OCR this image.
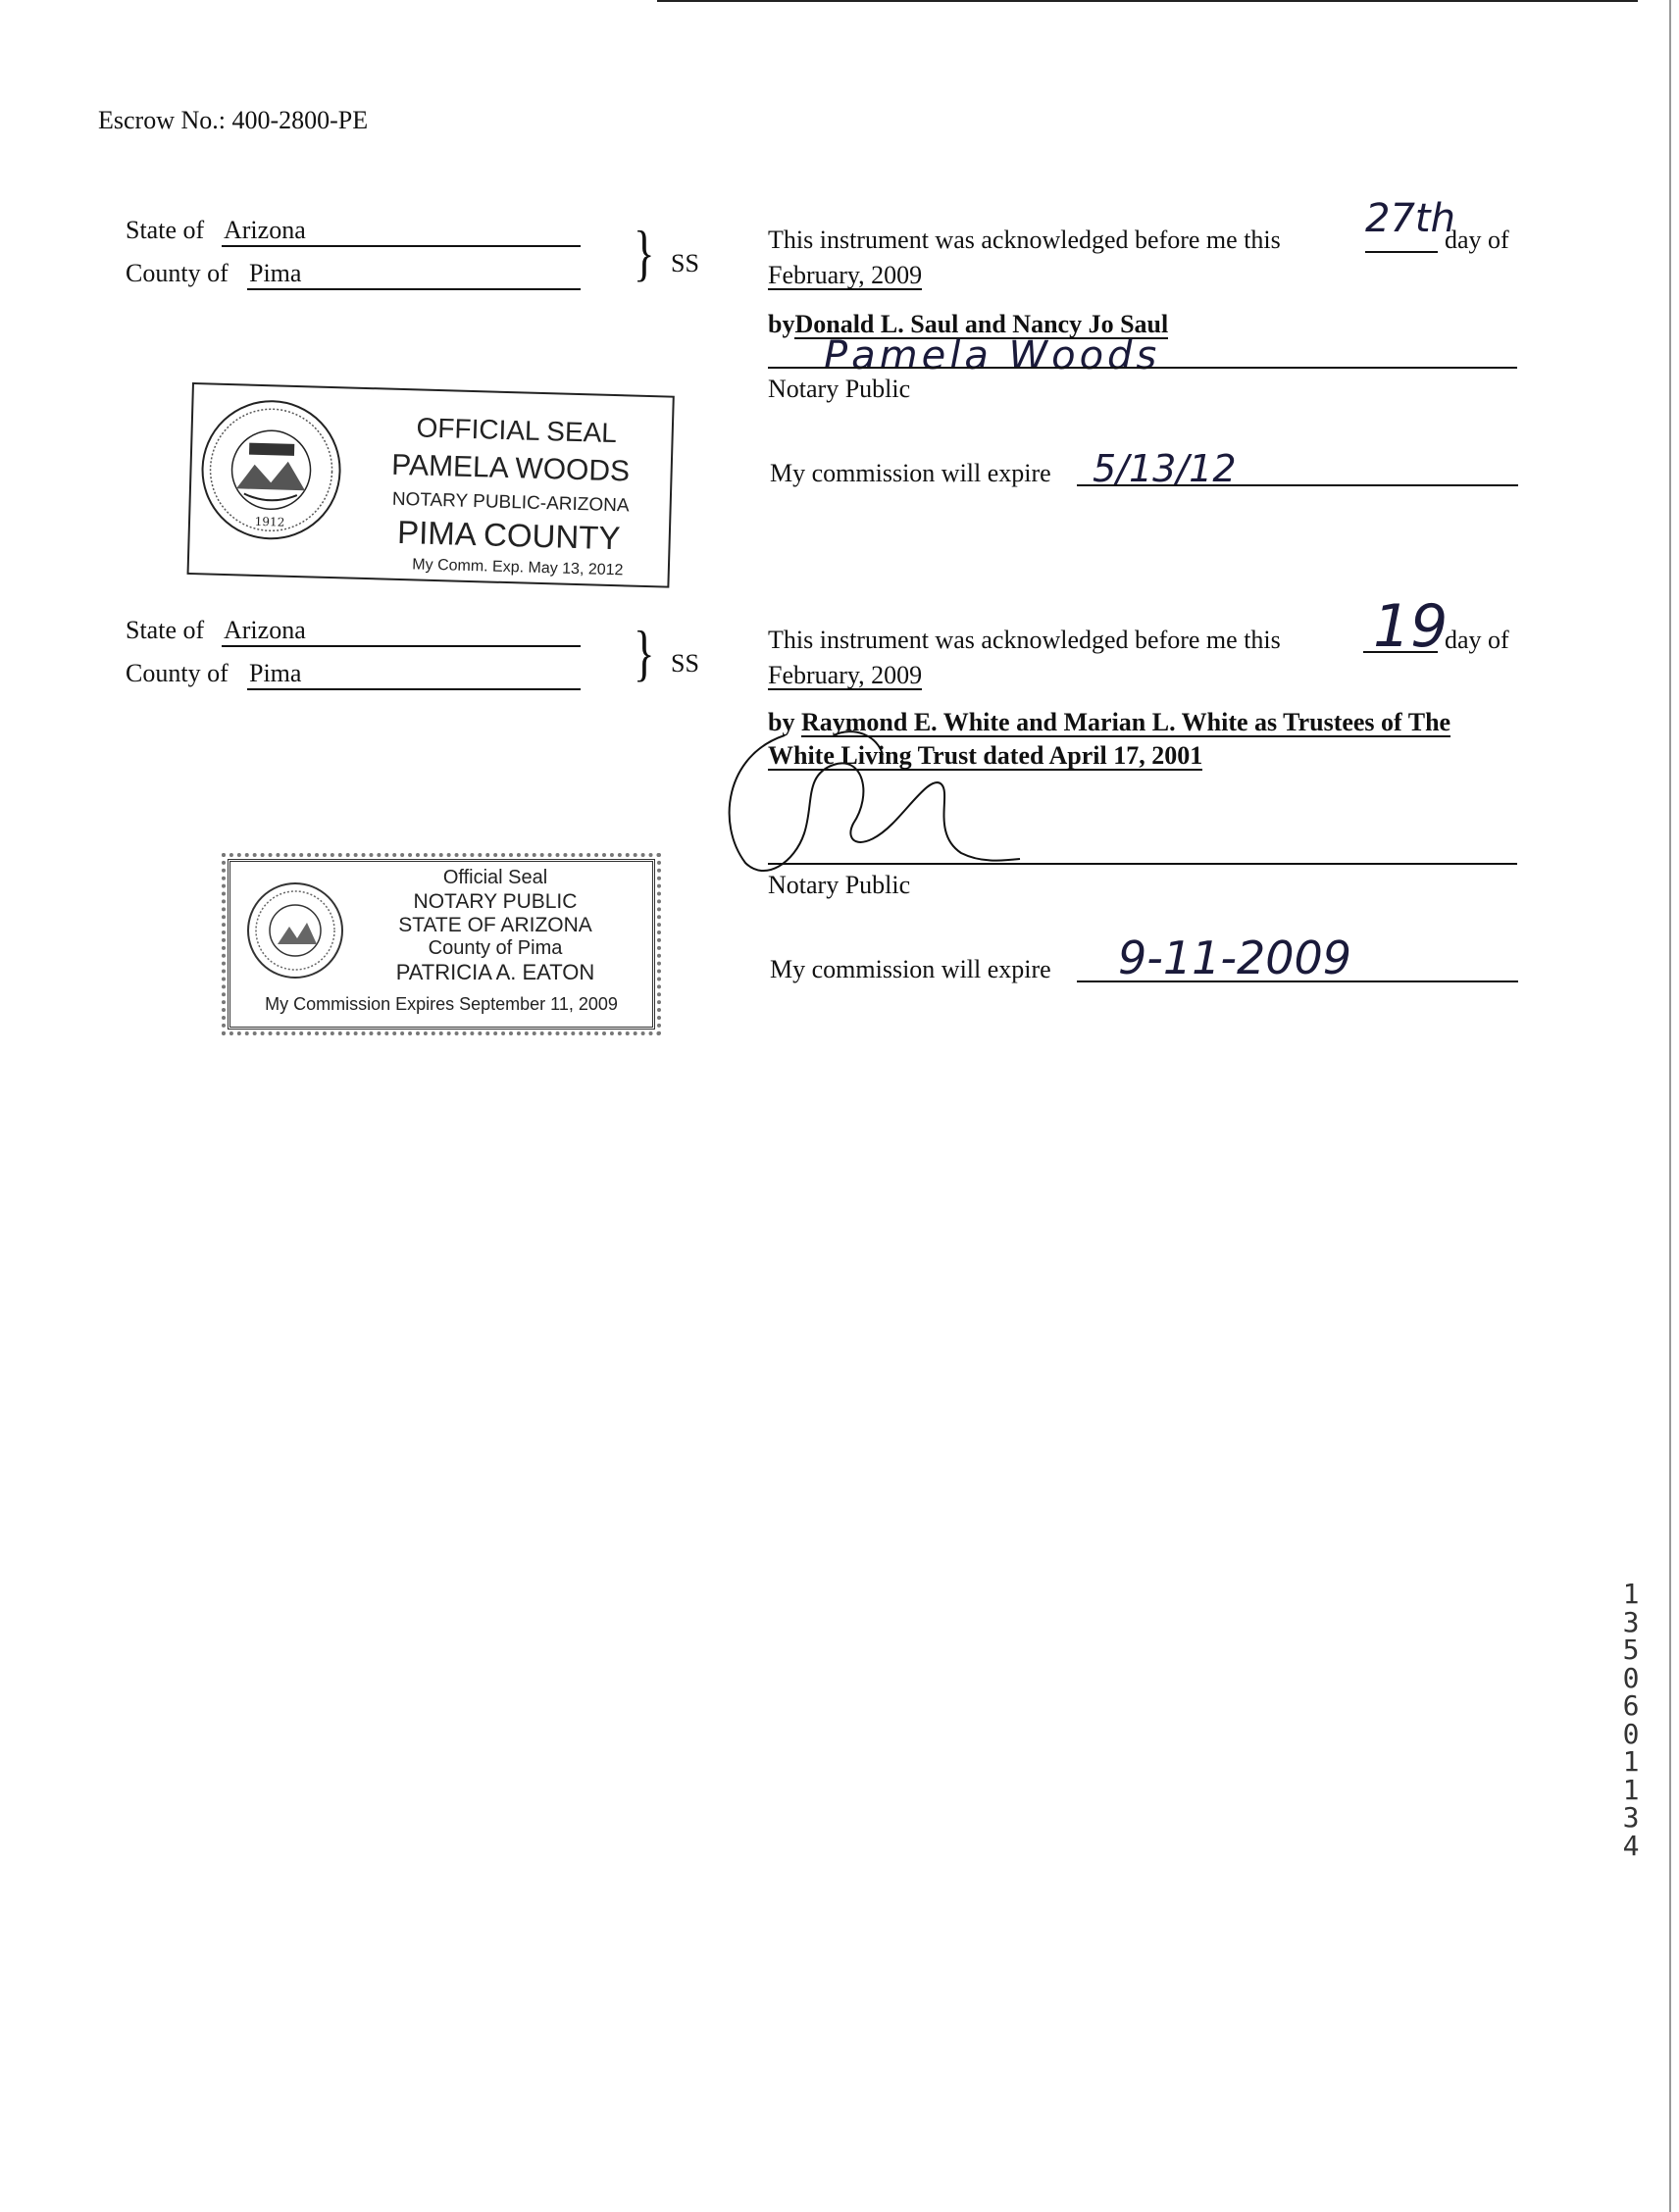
Escrow No.: 400-2800-PE
State of Arizona
County of Pima	} SS
This instrument was acknowledged before me this	27th
day of
February, 2009
byDonald L. Saul and Nancy Jo Saul
Pamela Woods
Notary Public
My commission will expire 5/13/12
1912
OFFICIAL SEAL
PAMELA WOODS
NOTARY PUBLIC-ARIZONA
PIMA COUNTY
My Comm. Exp. May 13, 2012
State of Arizona
County of Pima	} SS
This instrument was acknowledged before me this 19
day of
February, 2009
by Raymond E. White and Marian L. White as Trustees of The
White Living Trust dated April 17, 2001
Notary Public
My commission will expire 9-11-2009
Official Seal
NOTARY PUBLIC
STATE OF ARIZONA
County of Pima
PATRICIA A. EATON
My Commission Expires September 11, 2009
13506 01134
